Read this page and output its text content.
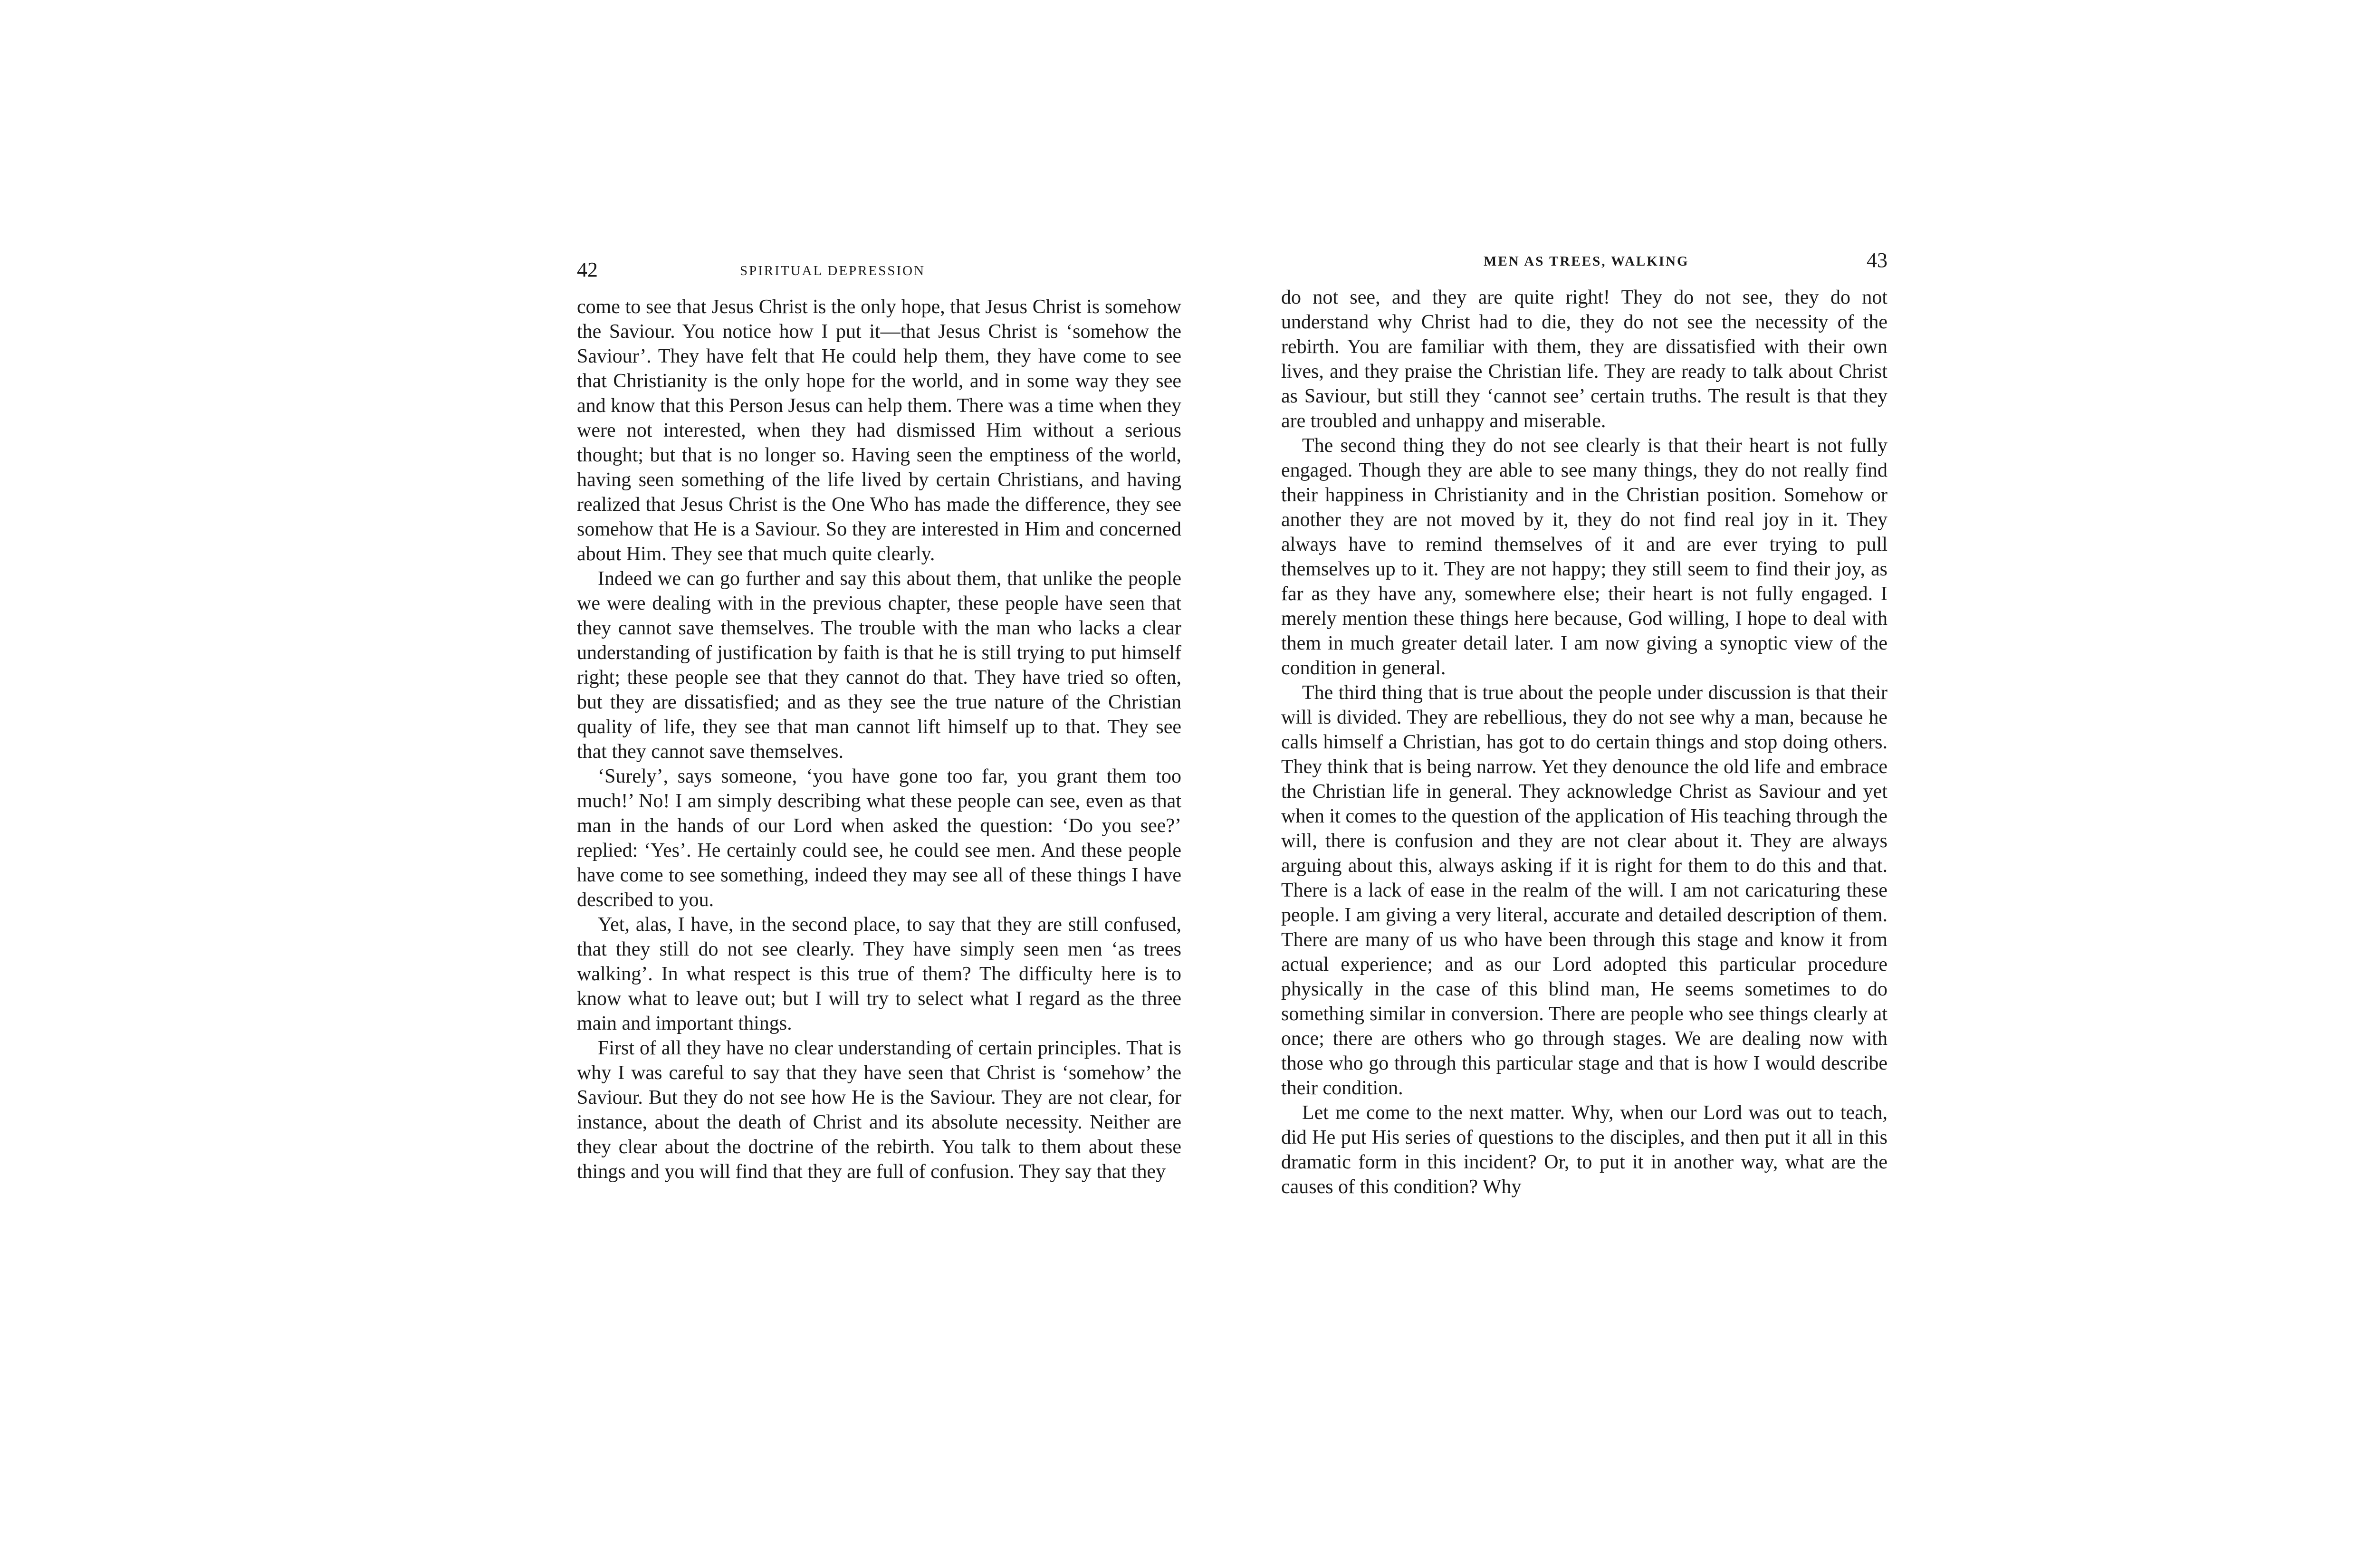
42	SPIRITUAL DEPRESSION

come to see that Jesus Christ is the only hope, that Jesus Christ is somehow the Saviour. You notice how I put it—that Jesus Christ is ‘somehow the Saviour’. They have felt that He could help them, they have come to see that Christianity is the only hope for the world, and in some way they see and know that this Person Jesus can help them. There was a time when they were not interested, when they had dismissed Him without a serious thought; but that is no longer so. Having seen the emptiness of the world, having seen something of the life lived by certain Christians, and having realized that Jesus Christ is the One Who has made the difference, they see somehow that He is a Saviour. So they are interested in Him and concerned about Him. They see that much quite clearly.

Indeed we can go further and say this about them, that unlike the people we were dealing with in the previous chapter, these people have seen that they cannot save themselves. The trouble with the man who lacks a clear understanding of justification by faith is that he is still trying to put himself right; these people see that they cannot do that. They have tried so often, but they are dissatisfied; and as they see the true nature of the Christian quality of life, they see that man cannot lift himself up to that. They see that they cannot save themselves.

‘Surely’, says someone, ‘you have gone too far, you grant them too much!’ No! I am simply describing what these people can see, even as that man in the hands of our Lord when asked the question: ‘Do you see?’ replied: ‘Yes’. He certainly could see, he could see men. And these people have come to see something, indeed they may see all of these things I have described to you.

Yet, alas, I have, in the second place, to say that they are still confused, that they still do not see clearly. They have simply seen men ‘as trees walking’. In what respect is this true of them? The difficulty here is to know what to leave out; but I will try to select what I regard as the three main and important things.

First of all they have no clear understanding of certain principles. That is why I was careful to say that they have seen that Christ is ‘somehow’ the Saviour. But they do not see how He is the Saviour. They are not clear, for instance, about the death of Christ and its absolute necessity. Neither are they clear about the doctrine of the rebirth. You talk to them about these things and you will find that they are full of confusion. They say that they

MEN AS TREES, WALKING	43

do not see, and they are quite right! They do not see, they do not understand why Christ had to die, they do not see the necessity of the rebirth. You are familiar with them, they are dissatisfied with their own lives, and they praise the Christian life. They are ready to talk about Christ as Saviour, but still they ‘cannot see’ certain truths. The result is that they are troubled and unhappy and miserable.

The second thing they do not see clearly is that their heart is not fully engaged. Though they are able to see many things, they do not really find their happiness in Christianity and in the Christian position. Somehow or another they are not moved by it, they do not find real joy in it. They always have to remind themselves of it and are ever trying to pull themselves up to it. They are not happy; they still seem to find their joy, as far as they have any, somewhere else; their heart is not fully engaged. I merely mention these things here because, God willing, I hope to deal with them in much greater detail later. I am now giving a synoptic view of the condition in general.

The third thing that is true about the people under discussion is that their will is divided. They are rebellious, they do not see why a man, because he calls himself a Christian, has got to do certain things and stop doing others. They think that is being narrow. Yet they denounce the old life and embrace the Christian life in general. They acknowledge Christ as Saviour and yet when it comes to the question of the application of His teaching through the will, there is confusion and they are not clear about it. They are always arguing about this, always asking if it is right for them to do this and that. There is a lack of ease in the realm of the will. I am not caricaturing these people. I am giving a very literal, accurate and detailed description of them. There are many of us who have been through this stage and know it from actual experience; and as our Lord adopted this particular procedure physically in the case of this blind man, He seems sometimes to do something similar in conversion. There are people who see things clearly at once; there are others who go through stages. We are dealing now with those who go through this particular stage and that is how I would describe their condition.

Let me come to the next matter. Why, when our Lord was out to teach, did He put His series of questions to the disciples, and then put it all in this dramatic form in this incident? Or, to put it in another way, what are the causes of this condition? Why
